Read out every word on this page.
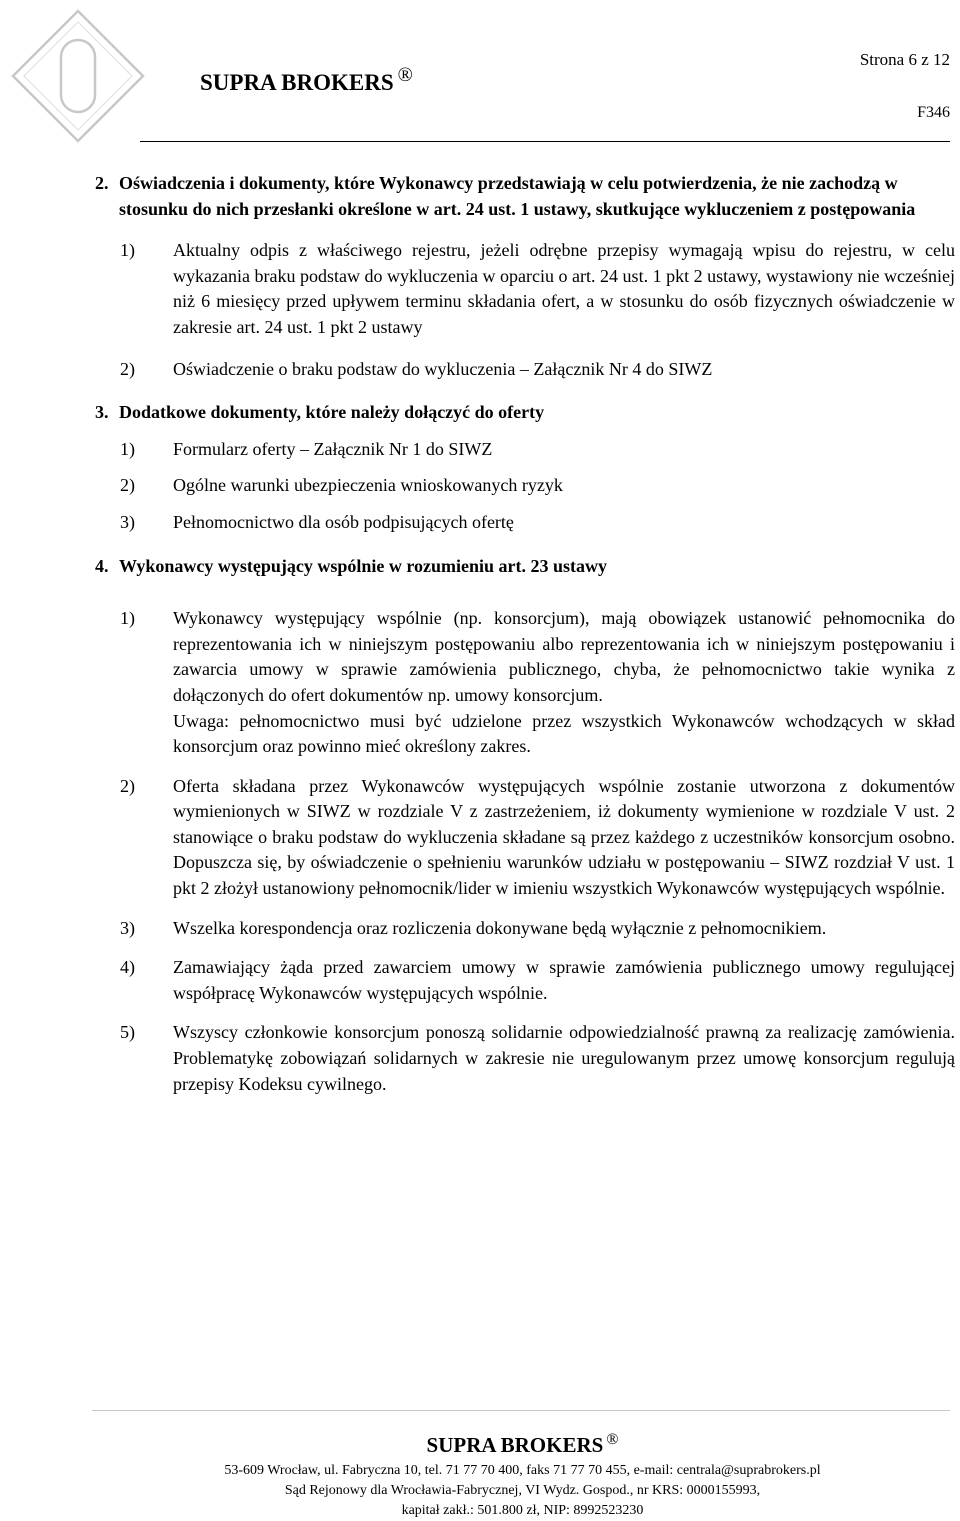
SUPRA BROKERS ®
Strona 6 z 12
F346
2. Oświadczenia i dokumenty, które Wykonawcy przedstawiają w celu potwierdzenia, że nie zachodzą w stosunku do nich przesłanki określone w art. 24 ust. 1 ustawy, skutkujące wykluczeniem z postępowania
1)	Aktualny odpis z właściwego rejestru, jeżeli odrębne przepisy wymagają wpisu do rejestru, w celu wykazania braku podstaw do wykluczenia w oparciu o art. 24 ust. 1 pkt 2 ustawy, wystawiony nie wcześniej niż 6 miesięcy przed upływem terminu składania ofert, a w stosunku do osób fizycznych oświadczenie w zakresie art. 24 ust. 1 pkt 2 ustawy
2)	Oświadczenie o braku podstaw do wykluczenia – Załącznik Nr 4 do SIWZ
3. Dodatkowe dokumenty, które należy dołączyć do oferty
1)	Formularz oferty – Załącznik Nr 1 do SIWZ
2)	Ogólne warunki ubezpieczenia wnioskowanych ryzyk
3)	Pełnomocnictwo dla osób podpisujących ofertę
4. Wykonawcy występujący wspólnie w rozumieniu art. 23 ustawy
1)	Wykonawcy występujący wspólnie (np. konsorcjum), mają obowiązek ustanowić pełnomocnika do reprezentowania ich w niniejszym postępowaniu albo reprezentowania ich w niniejszym postępowaniu i zawarcia umowy w sprawie zamówienia publicznego, chyba, że pełnomocnictwo takie wynika z dołączonych do ofert dokumentów np. umowy konsorcjum.
Uwaga: pełnomocnictwo musi być udzielone przez wszystkich Wykonawców wchodzących w skład konsorcjum oraz powinno mieć określony zakres.
2)	Oferta składana przez Wykonawców występujących wspólnie zostanie utworzona z dokumentów wymienionych w SIWZ w rozdziale V z zastrzeżeniem, iż dokumenty wymienione w rozdziale V ust. 2 stanowiące o braku podstaw do wykluczenia składane są przez każdego z uczestników konsorcjum osobno. Dopuszcza się, by oświadczenie o spełnieniu warunków udziału w postępowaniu – SIWZ rozdział V ust. 1 pkt 2 złożył ustanowiony pełnomocnik/lider w imieniu wszystkich Wykonawców występujących wspólnie.
3)	Wszelka korespondencja oraz rozliczenia dokonywane będą wyłącznie z pełnomocnikiem.
4)	Zamawiający żąda przed zawarciem umowy w sprawie zamówienia publicznego umowy regulującej współpracę Wykonawców występujących wspólnie.
5)	Wszyscy członkowie konsorcjum ponoszą solidarnie odpowiedzialność prawną za realizację zamówienia. Problematykę zobowiązań solidarnych w zakresie nie uregulowanym przez umowę konsorcjum regulują przepisy Kodeksu cywilnego.
SUPRA BROKERS ®
53-609 Wrocław, ul. Fabryczna 10, tel. 71 77 70 400, faks 71 77 70 455, e-mail: centrala@suprabrokers.pl
Sąd Rejonowy dla Wrocławia-Fabrycznej, VI Wydz. Gospod., nr KRS: 0000155993,
kapitał zakł.: 501.800 zł, NIP: 8992523230
